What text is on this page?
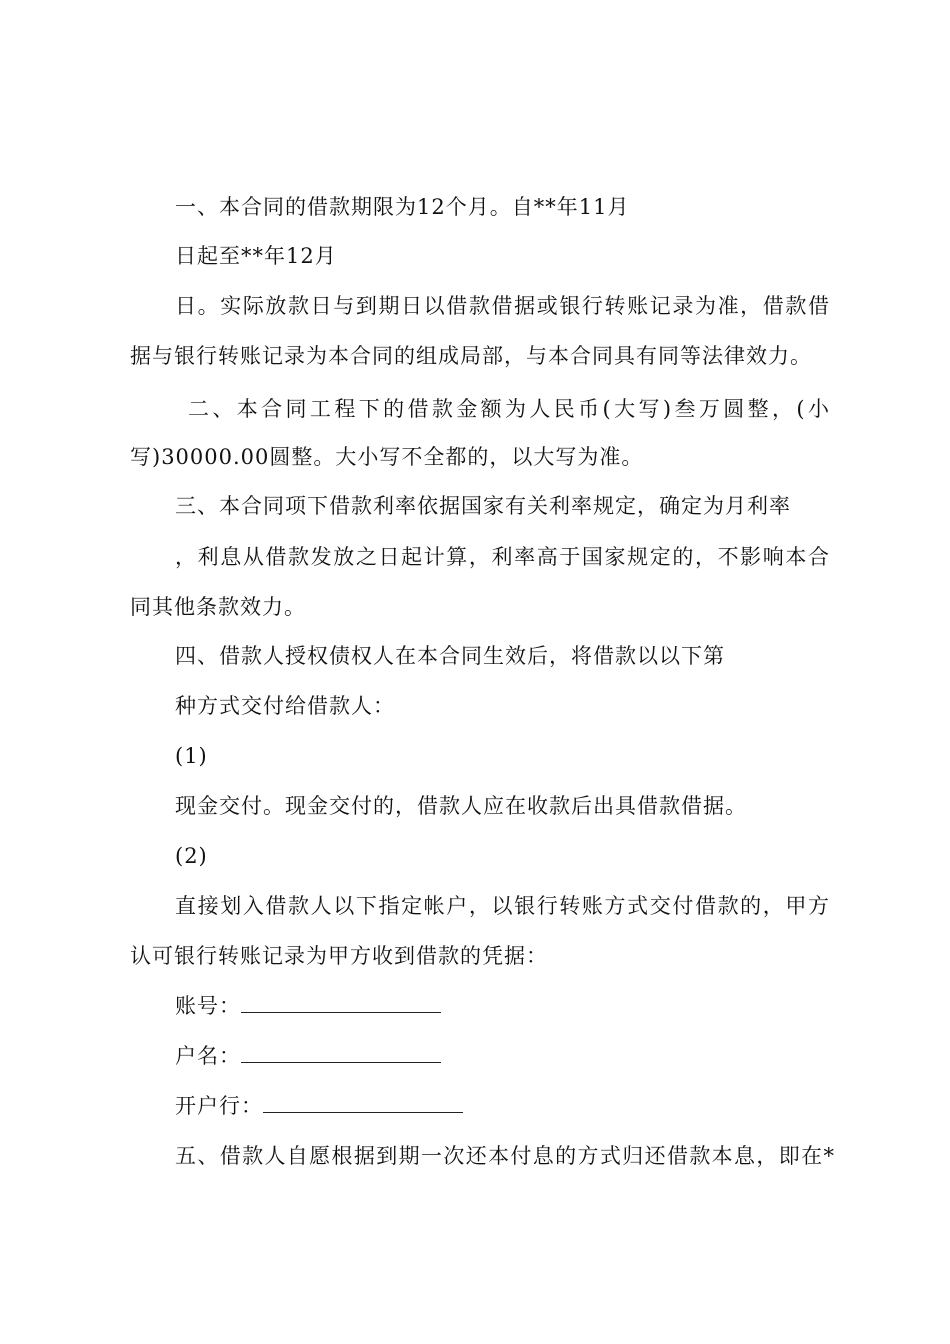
一、本合同的借款期限为12个月。自**年11月
日起至**年12月
日。实际放款日与到期日以借款借据或银行转账记录为准，借款借
据与银行转账记录为本合同的组成局部，与本合同具有同等法律效力。
二、本合同工程下的借款金额为人民币(大写)叁万圆整，(小
写)30000.00圆整。大小写不全都的，以大写为准。
三、本合同项下借款利率依据国家有关利率规定，确定为月利率
，利息从借款发放之日起计算，利率高于国家规定的，不影响本合
同其他条款效力。
四、借款人授权债权人在本合同生效后，将借款以以下第
种方式交付给借款人：
(1)
现金交付。现金交付的，借款人应在收款后出具借款借据。
(2)
直接划入借款人以下指定帐户，以银行转账方式交付借款的，甲方
认可银行转账记录为甲方收到借款的凭据：
账号：
户名：
开户行：
五、借款人自愿根据到期一次还本付息的方式归还借款本息，即在*
